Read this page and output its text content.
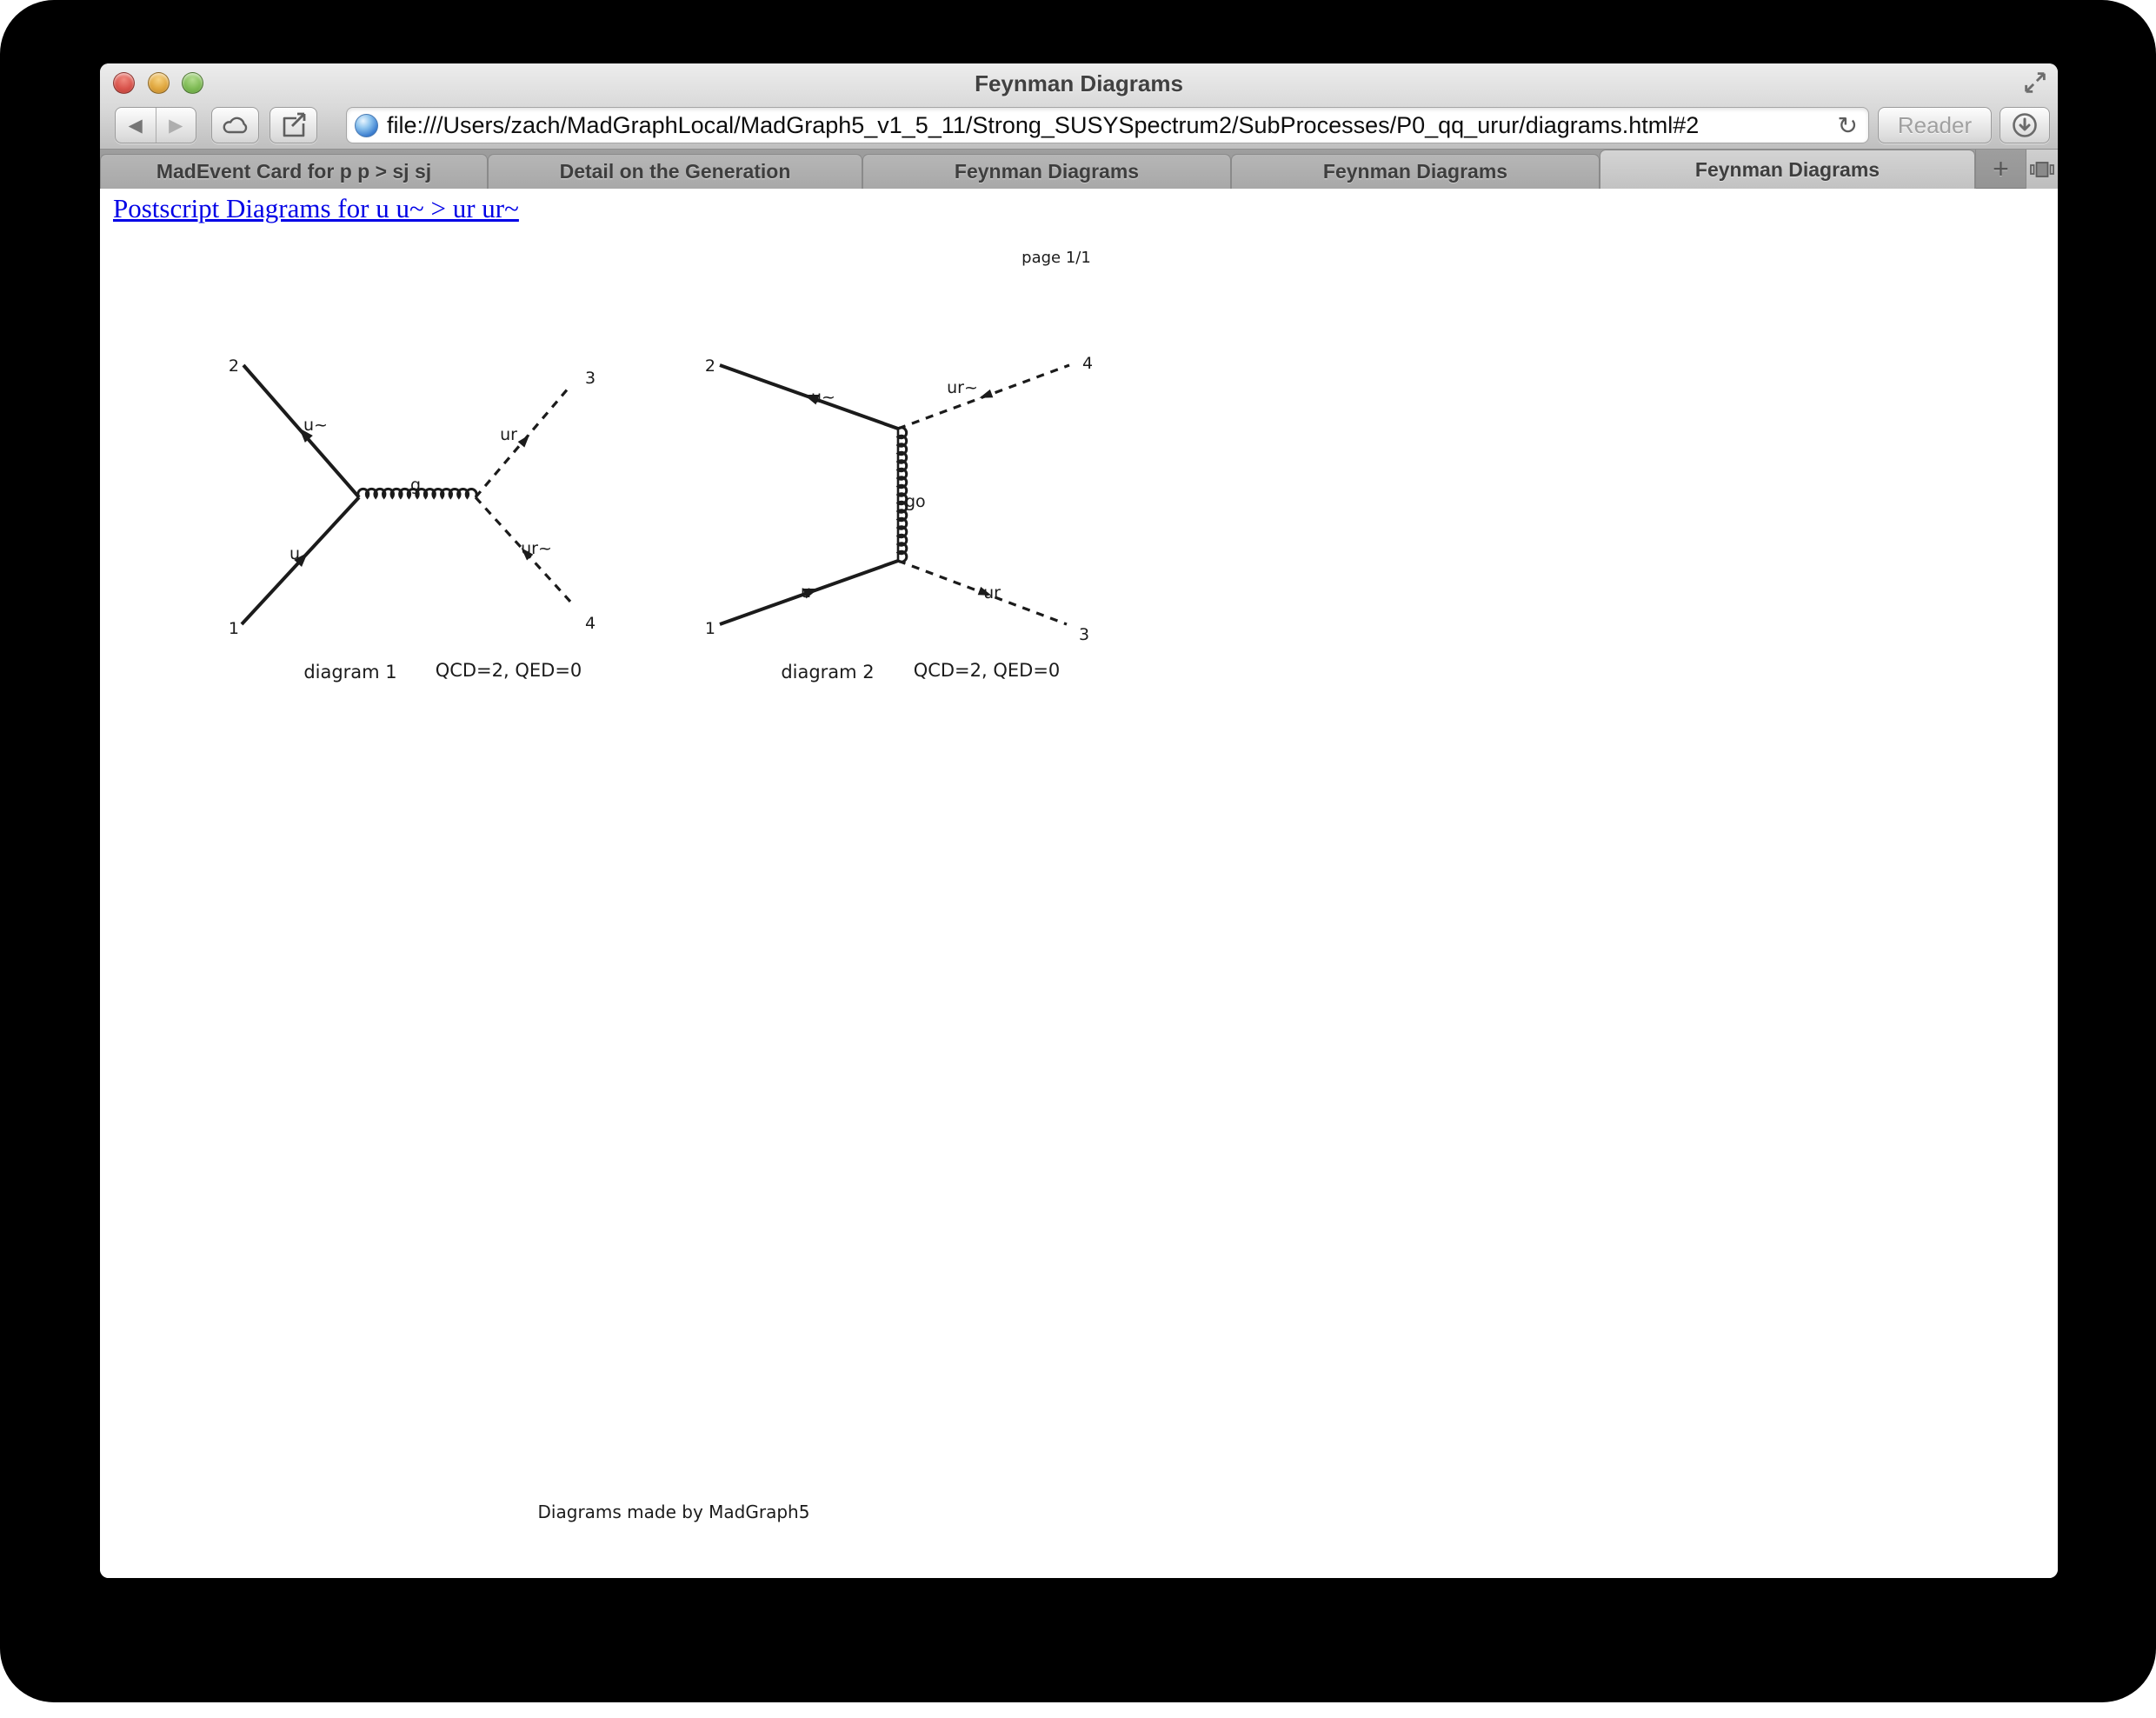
Feynman Diagrams
◀ ▶	file:///Users/zach/MadGraphLocal/MadGraph5_v1_5_11/Strong_SUSYSpectrum2/SubProcesses/P0_qq_urur/diagrams.html#2	↻ Reader
MadEvent Card for p p > sj sj	Detail on the Generation	Feynman Diagrams	Feynman Diagrams	Feynman Diagrams	+
Postscript Diagrams for u u~ > ur ur~
page 1/1
2
1
3
4
u~
u
g
ur
ur~
diagram 1 QCD=2, QED=0
2
1
4
3
u~
u
go
ur~
ur
diagram 2 QCD=2, QED=0
Diagrams made by MadGraph5
